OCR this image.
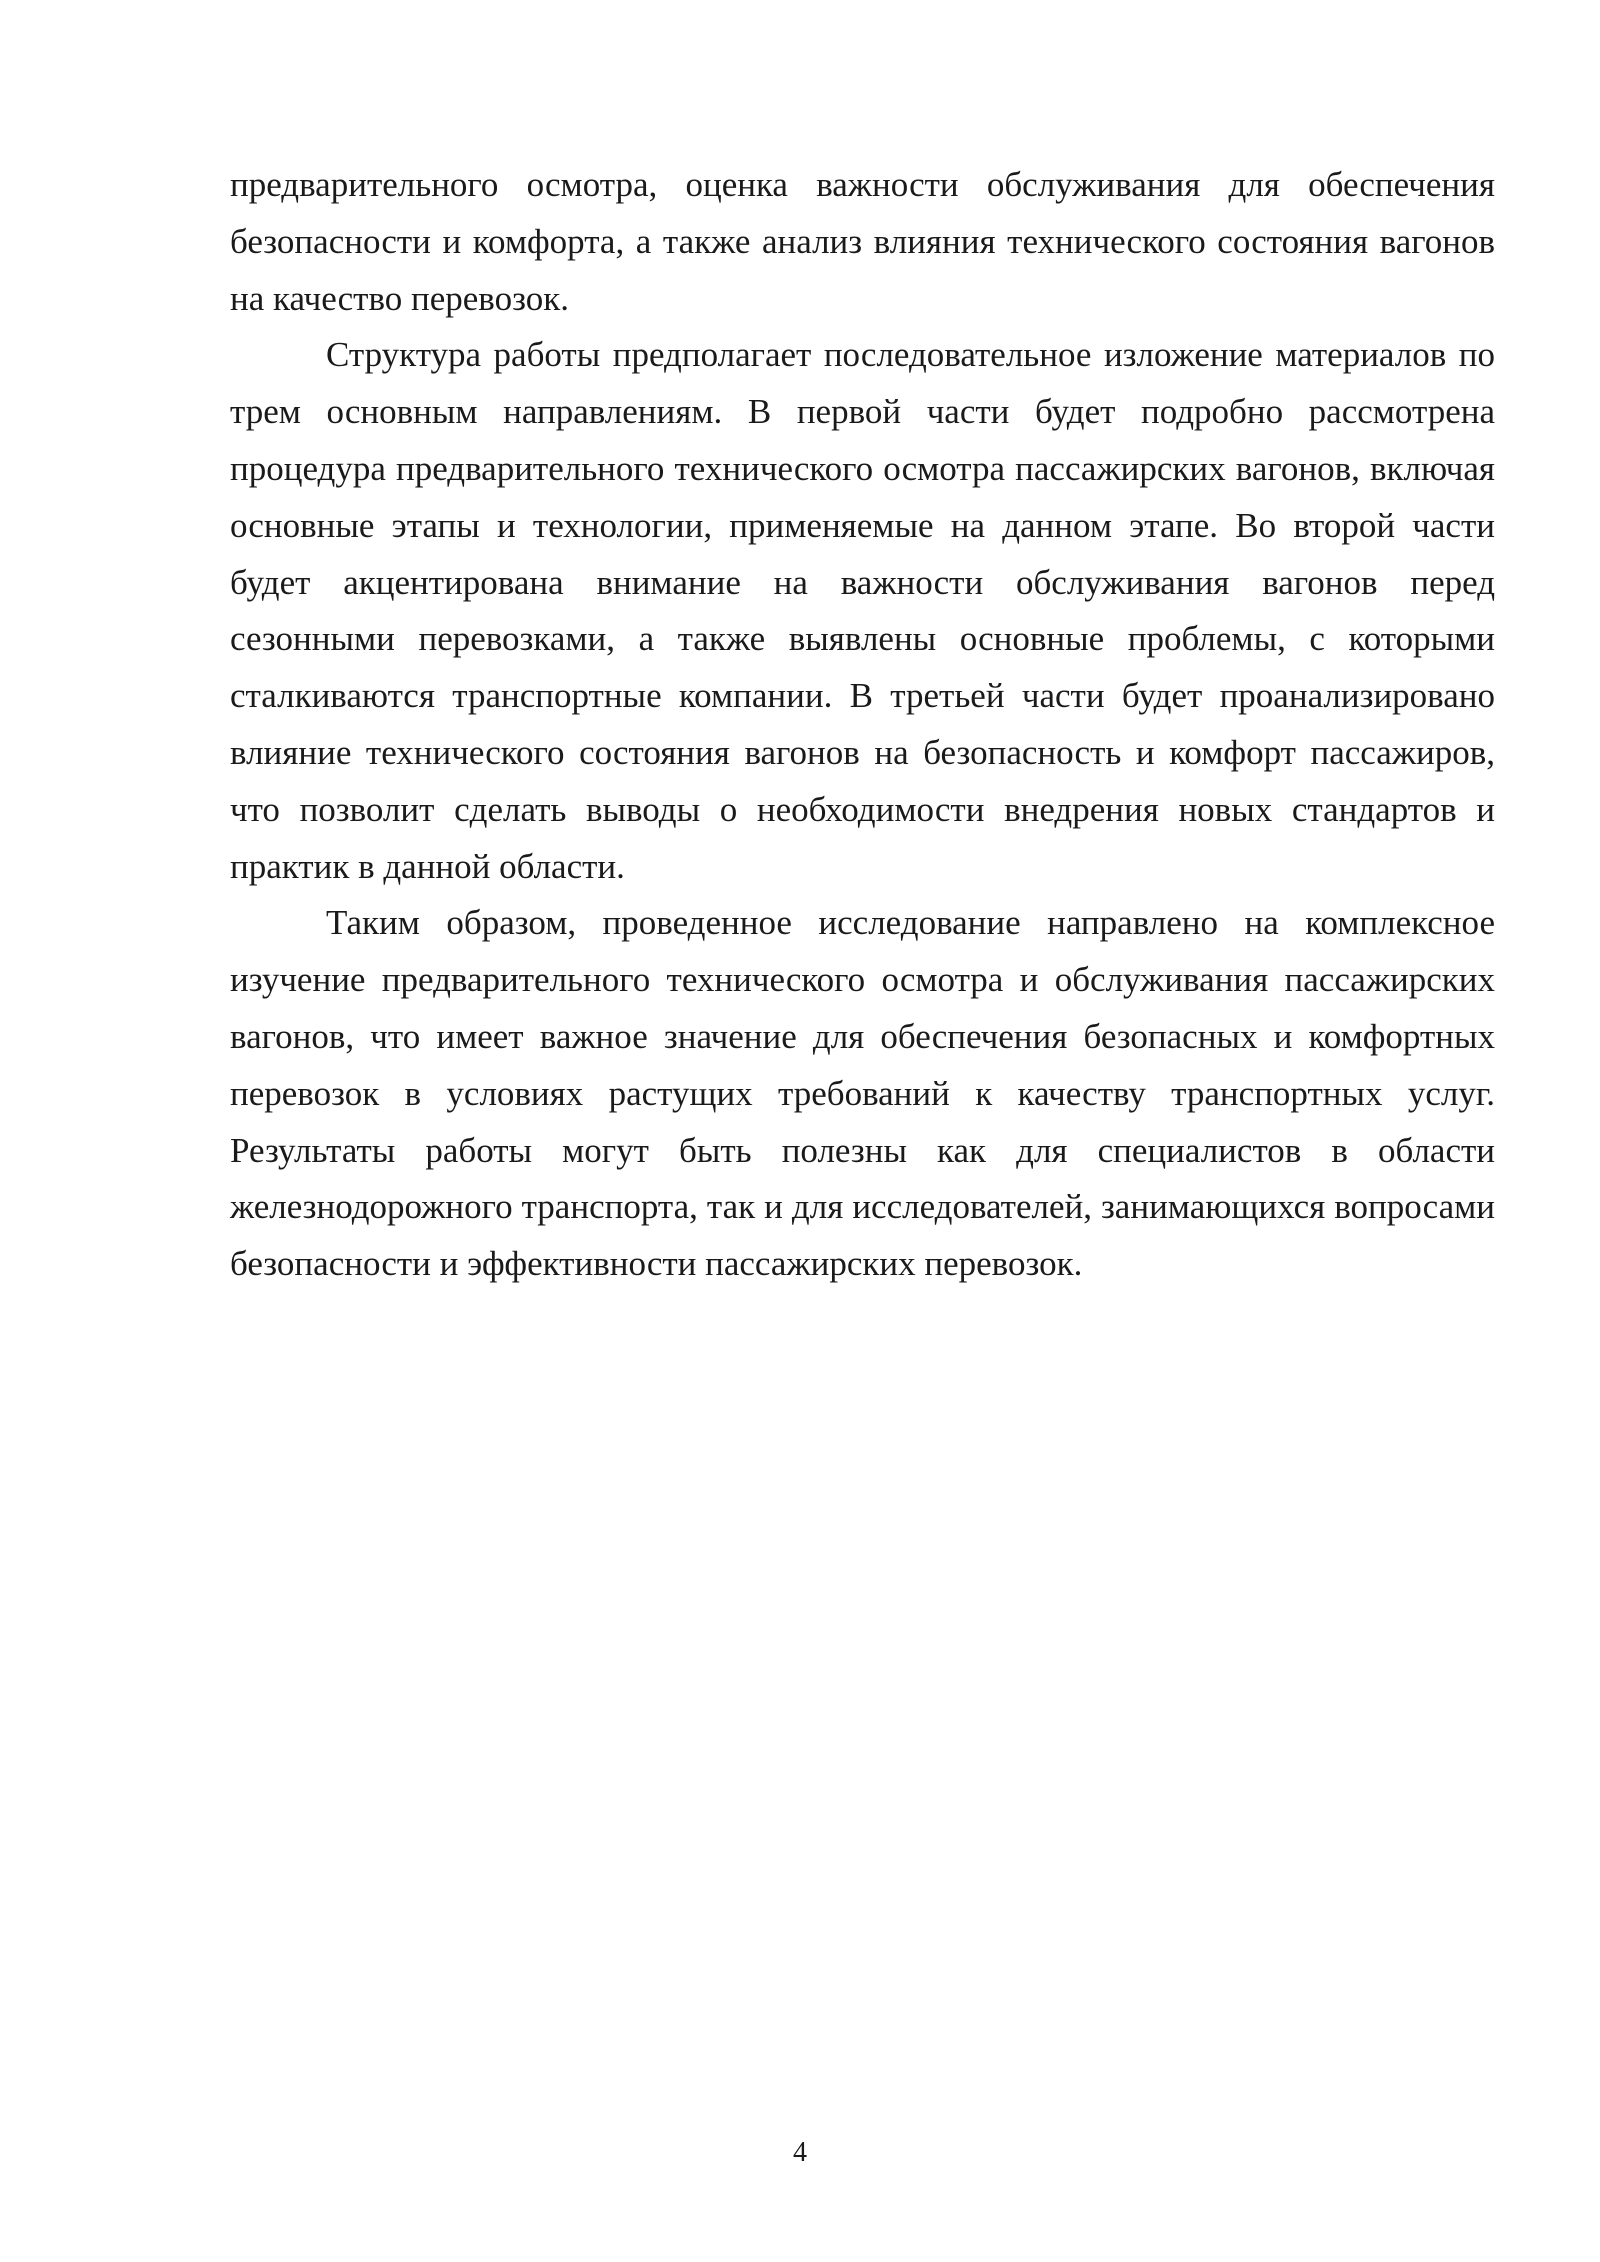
предварительного осмотра, оценка важности обслуживания для обеспечения безопасности и комфорта, а также анализ влияния технического состояния вагонов на качество перевозок.

Структура работы предполагает последовательное изложение материалов по трем основным направлениям. В первой части будет подробно рассмотрена процедура предварительного технического осмотра пассажирских вагонов, включая основные этапы и технологии, применяемые на данном этапе. Во второй части будет акцентирована внимание на важности обслуживания вагонов перед сезонными перевозками, а также выявлены основные проблемы, с которыми сталкиваются транспортные компании. В третьей части будет проанализировано влияние технического состояния вагонов на безопасность и комфорт пассажиров, что позволит сделать выводы о необходимости внедрения новых стандартов и практик в данной области.

Таким образом, проведенное исследование направлено на комплексное изучение предварительного технического осмотра и обслуживания пассажирских вагонов, что имеет важное значение для обеспечения безопасных и комфортных перевозок в условиях растущих требований к качеству транспортных услуг. Результаты работы могут быть полезны как для специалистов в области железнодорожного транспорта, так и для исследователей, занимающихся вопросами безопасности и эффективности пассажирских перевозок.

4
